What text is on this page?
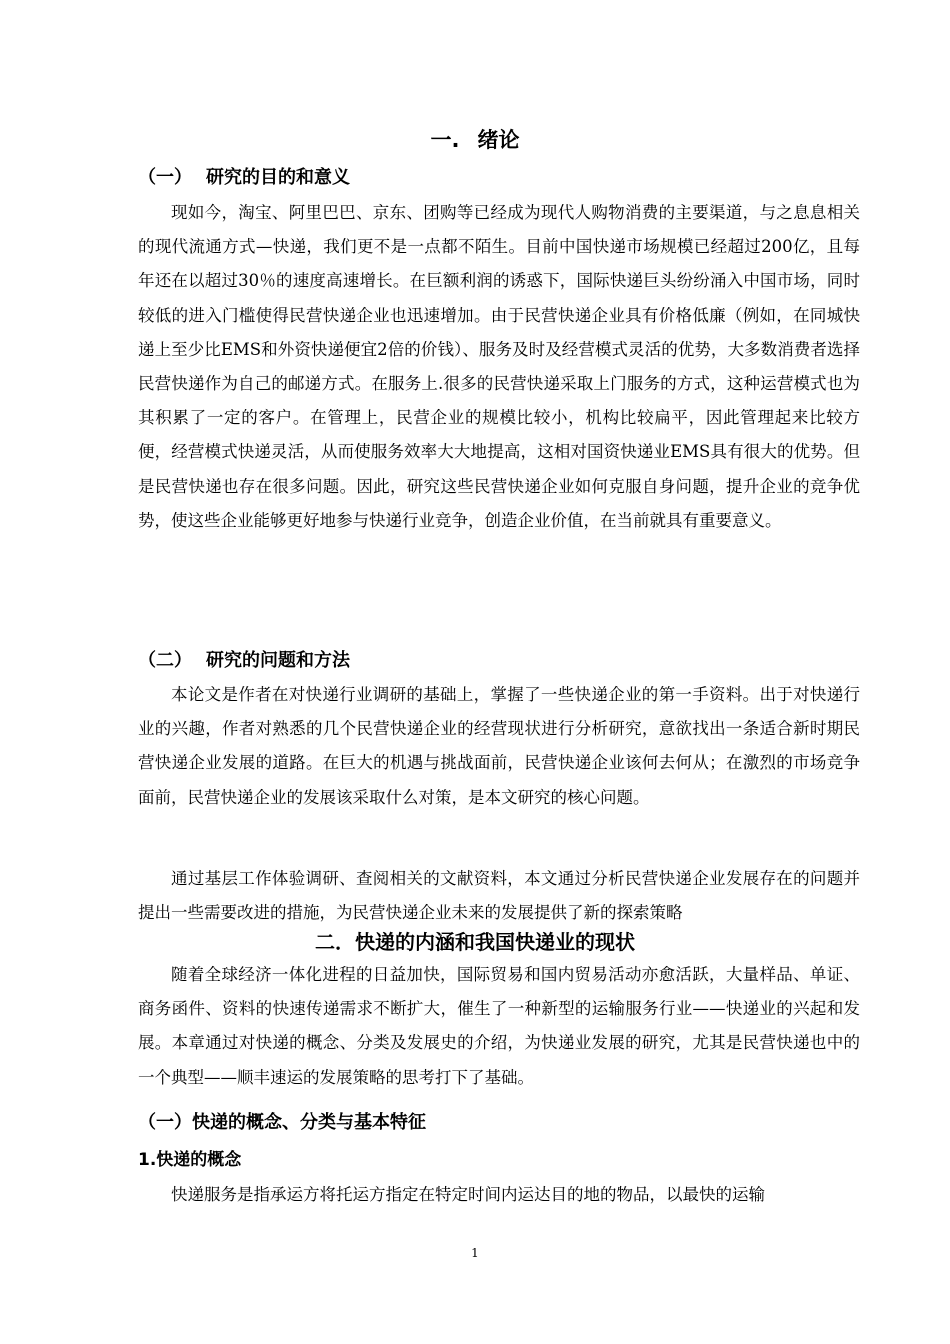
一. 绪论
（一） 研究的目的和意义

现如今，淘宝、阿里巴巴、京东、团购等已经成为现代人购物消费的主要渠道，与之息息相关的现代流通方式—快递，我们更不是一点都不陌生。目前中国快递市场规模已经超过200亿，且每年还在以超过30％的速度高速增长。在巨额利润的诱惑下，国际快递巨头纷纷涌入中国市场，同时较低的进入门槛使得民营快递企业也迅速增加。由于民营快递企业具有价格低廉（例如，在同城快递上至少比EMS和外资快递便宜2倍的价钱）、服务及时及经营模式灵活的优势，大多数消费者选择民营快递作为自己的邮递方式。在服务上.很多的民营快递采取上门服务的方式，这种运营模式也为其积累了一定的客户。在管理上，民营企业的规模比较小，机构比较扁平，因此管理起来比较方便，经营模式快递灵活，从而使服务效率大大地提高，这相对国资快递业EMS具有很大的优势。但是民营快递也存在很多问题。因此，研究这些民营快递企业如何克服自身问题，提升企业的竞争优势，使这些企业能够更好地参与快递行业竞争，创造企业价值，在当前就具有重要意义。

（二） 研究的问题和方法

本论文是作者在对快递行业调研的基础上，掌握了一些快递企业的第一手资料。出于对快递行业的兴趣，作者对熟悉的几个民营快递企业的经营现状进行分析研究，意欲找出一条适合新时期民营快递企业发展的道路。在巨大的机遇与挑战面前，民营快递企业该何去何从；在激烈的市场竞争面前，民营快递企业的发展该采取什么对策，是本文研究的核心问题。

通过基层工作体验调研、查阅相关的文献资料，本文通过分析民营快递企业发展存在的问题并提出一些需要改进的措施，为民营快递企业未来的发展提供了新的探索策略

二．快递的内涵和我国快递业的现状

随着全球经济一体化进程的日益加快，国际贸易和国内贸易活动亦愈活跃，大量样品、单证、商务函件、资料的快速传递需求不断扩大，催生了一种新型的运输服务行业——快递业的兴起和发展。本章通过对快递的概念、分类及发展史的介绍，为快递业发展的研究，尤其是民营快递也中的一个典型——顺丰速运的发展策略的思考打下了基础。

（一）快递的概念、分类与基本特征
1.快递的概念

快递服务是指承运方将托运方指定在特定时间内运达目的地的物品，以最快的运输

1
